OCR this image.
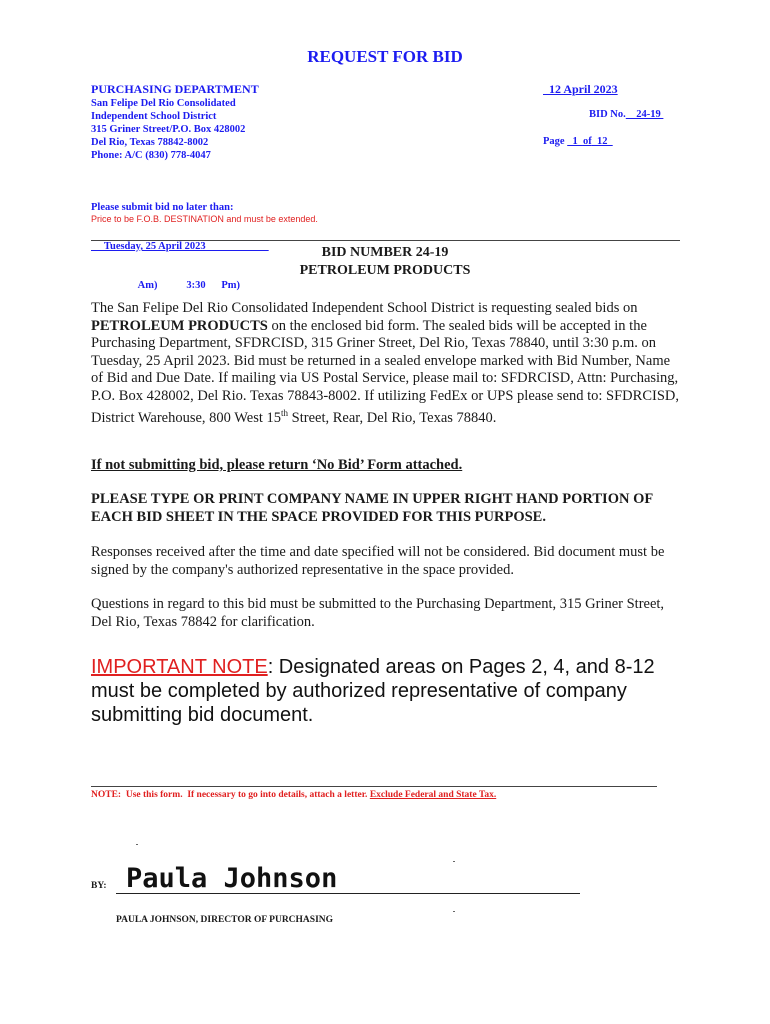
REQUEST FOR BID
PURCHASING DEPARTMENT	12 April 2023
San Felipe Del Rio Consolidated
Independent School District
315 Griner Street/P.O. Box 428002
Del Rio, Texas 78842-8002
Phone: A/C (830) 778-4047
BID No.    24-19
Page   1  of  12

Please submit bid no later than:

Tuesday, 25 April 2023

Am)           3:30      Pm)

Price to be F.O.B. DESTINATION and must be extended.
BID NUMBER 24-19
PETROLEUM PRODUCTS
The San Felipe Del Rio Consolidated Independent School District is requesting sealed bids on PETROLEUM PRODUCTS on the enclosed bid form. The sealed bids will be accepted in the Purchasing Department, SFDRCISD, 315 Griner Street, Del Rio, Texas 78840, until 3:30 p.m. on Tuesday, 25 April 2023. Bid must be returned in a sealed envelope marked with Bid Number, Name of Bid and Due Date. If mailing via US Postal Service, please mail to: SFDRCISD, Attn: Purchasing, P.O. Box 428002, Del Rio. Texas 78843-8002. If utilizing FedEx or UPS please send to: SFDRCISD, District Warehouse, 800 West 15th Street, Rear, Del Rio, Texas 78840.
If not submitting bid, please return ‘No Bid’ Form attached.
PLEASE TYPE OR PRINT COMPANY NAME IN UPPER RIGHT HAND PORTION OF EACH BID SHEET IN THE SPACE PROVIDED FOR THIS PURPOSE.
Responses received after the time and date specified will not be considered. Bid document must be signed by the company's authorized representative in the space provided.
Questions in regard to this bid must be submitted to the Purchasing Department, 315 Griner Street, Del Rio, Texas 78842 for clarification.
IMPORTANT NOTE: Designated areas on Pages 2, 4, and 8-12 must be completed by authorized representative of company submitting bid document.
NOTE:  Use this form.  If necessary to go into details, attach a letter. Exclude Federal and State Tax.
Paula Johnson
BY:
PAULA JOHNSON, DIRECTOR OF PURCHASING
